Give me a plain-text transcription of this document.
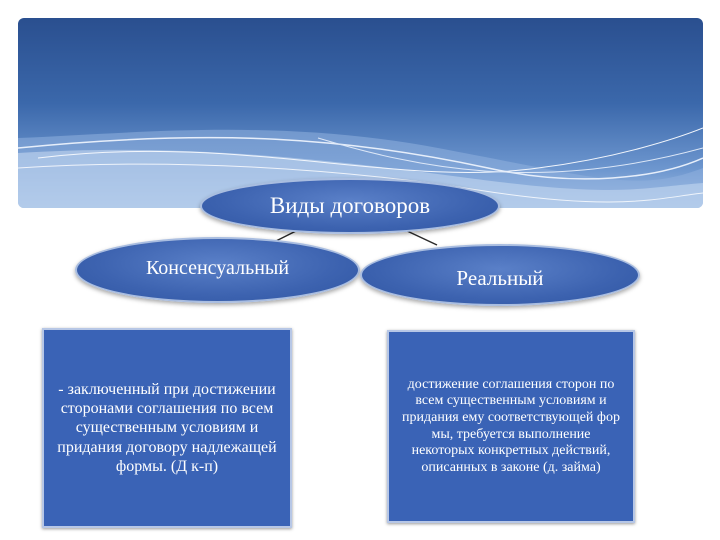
Виды договоров
Консенсуальный	Реальный
- заключенный при достижении сторонами соглашения по всем существенным условиям и придания договору надлежащей формы. (Д к-п)
достижение соглашения сторон по всем существенным условиям и придания ему соответствующей фор мы, требуется выполнение некоторых конкретных действий, описанных в законе (д. займа)
